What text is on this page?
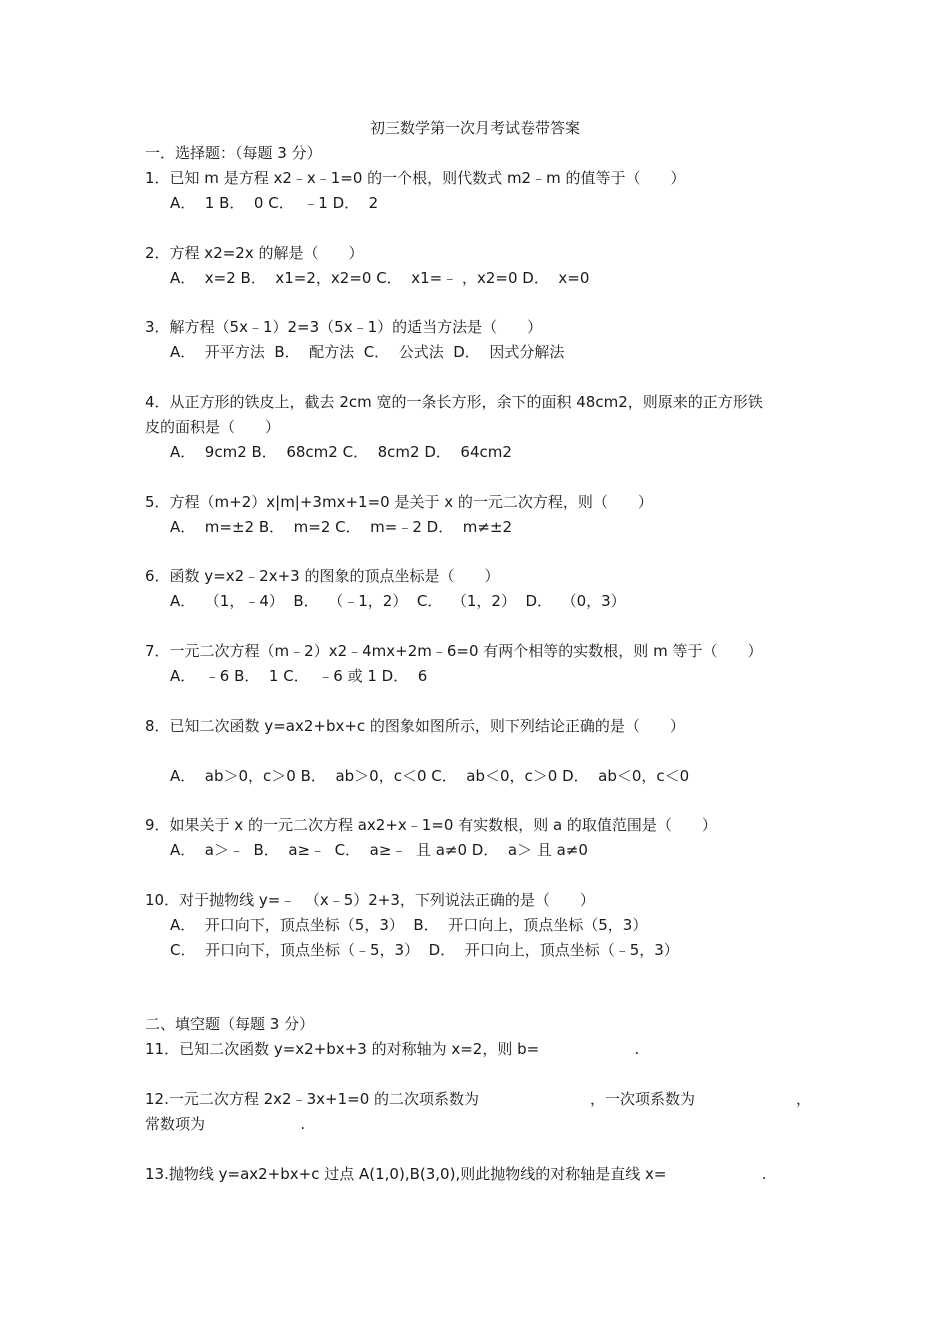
初三数学第一次月考试卷带答案
一．选择题：（每题 3 分）
1．已知 m 是方程 x2﹣x﹣1=0 的一个根，则代数式 m2﹣m 的值等于（　　）
A．  1 B．  0 C．  ﹣1 D．  2
2．方程 x2=2x 的解是（　　）
A．  x=2 B．  x1=2，x2=0 C．  x1=﹣ ，x2=0 D．  x=0
3．解方程（5x﹣1）2=3（5x﹣1）的适当方法是（　　）
A．  开平方法  B．  配方法  C．  公式法  D．  因式分解法
4．从正方形的铁皮上，截去 2cm 宽的一条长方形，余下的面积 48cm2，则原来的正方形铁
皮的面积是（　　）
A．  9cm2 B．  68cm2 C．  8cm2 D．  64cm2
5．方程（m+2）x|m|+3mx+1=0 是关于 x 的一元二次方程，则（　　）
A．  m=±2 B．  m=2 C．  m=﹣2 D．  m≠±2
6．函数 y=x2﹣2x+3 的图象的顶点坐标是（　　）
A．  （1，﹣4）  B．  （﹣1，2）  C．  （1，2）  D．  （0，3）
7．一元二次方程（m﹣2）x2﹣4mx+2m﹣6=0 有两个相等的实数根，则 m 等于（　　）
A．  ﹣6 B．  1 C．  ﹣6 或 1 D．  6
8．已知二次函数 y=ax2+bx+c 的图象如图所示，则下列结论正确的是（　　）
A．  ab＞0，c＞0 B．  ab＞0，c＜0 C．  ab＜0，c＞0 D．  ab＜0，c＜0
9．如果关于 x 的一元二次方程 ax2+x﹣1=0 有实数根，则 a 的取值范围是（　　）
A．  a＞﹣  B．  a≥﹣  C．  a≥﹣  且 a≠0 D．  a＞ 且 a≠0
10．对于抛物线 y=﹣  （x﹣5）2+3，下列说法正确的是（　　）
A．  开口向下，顶点坐标（5，3）  B．  开口向上，顶点坐标（5，3）
C．  开口向下，顶点坐标（﹣5，3）  D．  开口向上，顶点坐标（﹣5，3）
二、填空题（每题 3 分）
11．已知二次函数 y=x2+bx+3 的对称轴为 x=2，则 b=                    .
12.一元二次方程 2x2﹣3x+1=0 的二次项系数为	，一次项系数为	，
常数项为                    .
13.抛物线 y=ax2+bx+c 过点 A(1,0),B(3,0),则此抛物线的对称轴是直线 x=                    .
